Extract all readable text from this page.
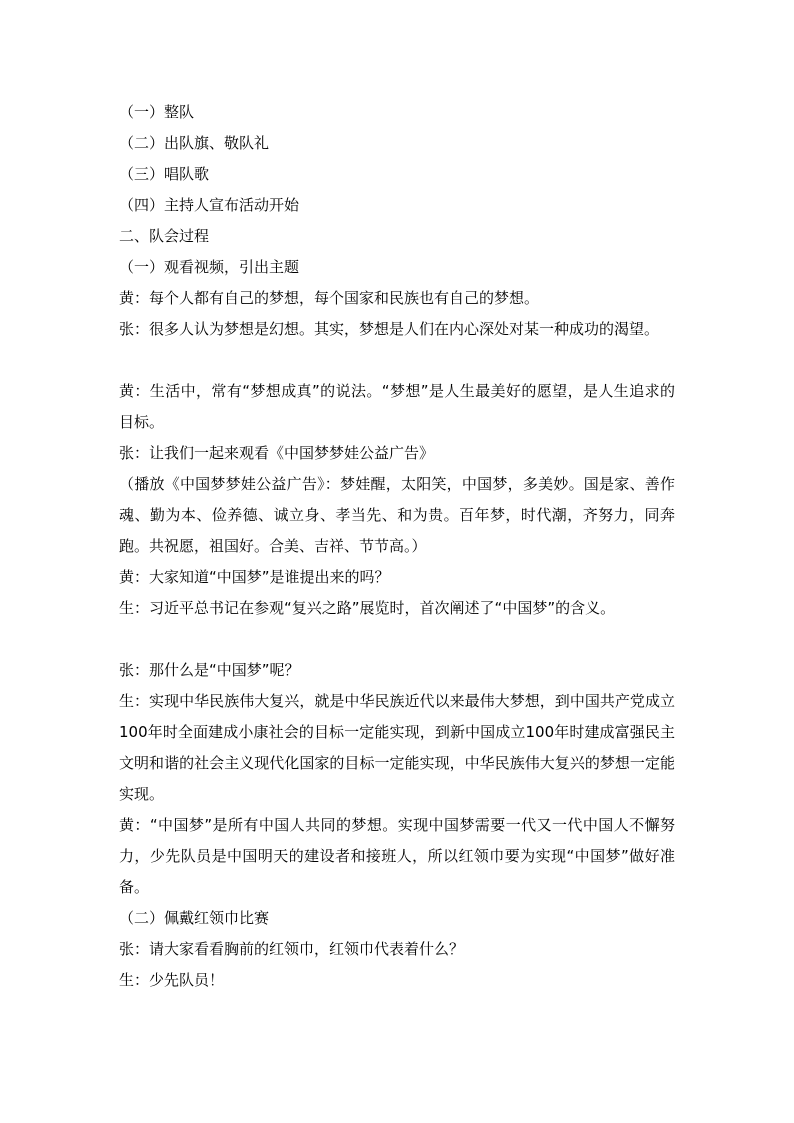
（一）整队

（二）出队旗、敬队礼

（三）唱队歌

（四）主持人宣布活动开始

二、队会过程

（一）观看视频，引出主题

黄：每个人都有自己的梦想，每个国家和民族也有自己的梦想。

张：很多人认为梦想是幻想。其实，梦想是人们在内心深处对某一种成功的渴望。

黄：生活中，常有“梦想成真”的说法。“梦想”是人生最美好的愿望，是人生追求的目标。

张：让我们一起来观看《中国梦梦娃公益广告》

（播放《中国梦梦娃公益广告》：梦娃醒，太阳笑，中国梦，多美妙。国是家、善作魂、勤为本、俭养德、诚立身、孝当先、和为贵。百年梦，时代潮，齐努力，同奔跑。共祝愿，祖国好。合美、吉祥、节节高。）

黄：大家知道“中国梦”是谁提出来的吗？

生：习近平总书记在参观“复兴之路”展览时，首次阐述了“中国梦”的含义。

张：那什么是“中国梦”呢？

生：实现中华民族伟大复兴，就是中华民族近代以来最伟大梦想，到中国共产党成立100年时全面建成小康社会的目标一定能实现，到新中国成立100年时建成富强民主文明和谐的社会主义现代化国家的目标一定能实现，中华民族伟大复兴的梦想一定能实现。

黄：“中国梦”是所有中国人共同的梦想。实现中国梦需要一代又一代中国人不懈努力，少先队员是中国明天的建设者和接班人，所以红领巾要为实现“中国梦”做好准备。

（二）佩戴红领巾比赛

张：请大家看看胸前的红领巾，红领巾代表着什么？

生：少先队员！
